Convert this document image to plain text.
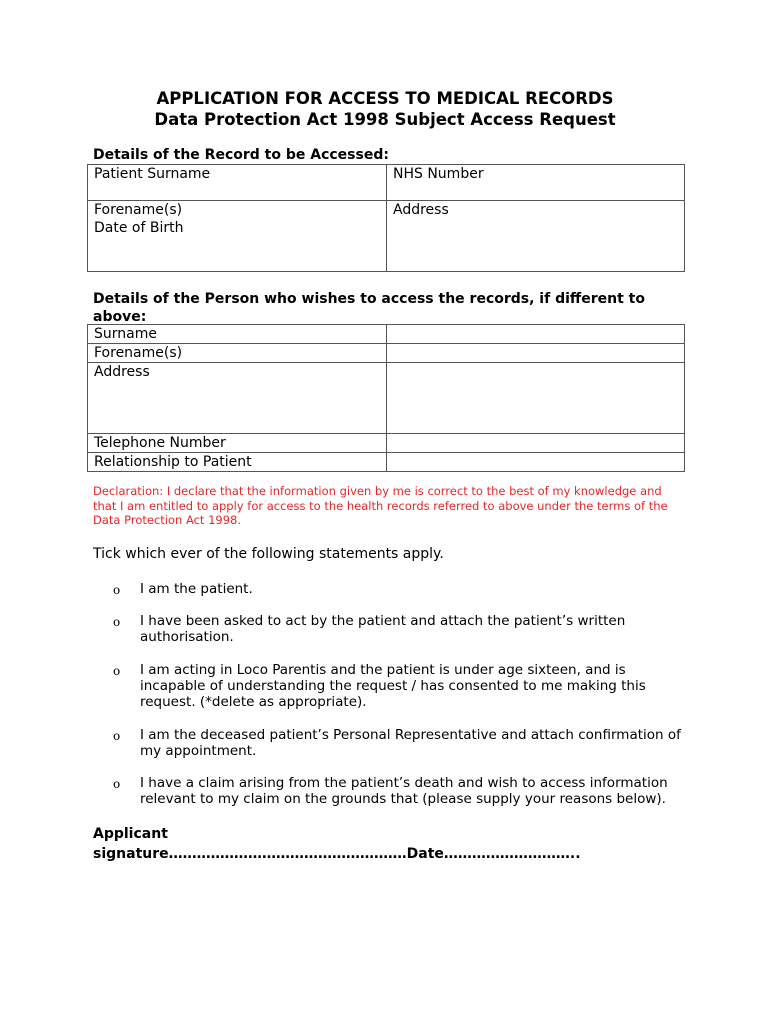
APPLICATION FOR ACCESS TO MEDICAL RECORDS
Data Protection Act 1998 Subject Access Request
Details of the Record to be Accessed:
Patient Surname	NHS Number

Forename(s)
Date of Birth	Address
Details of the Person who wishes to access the records, if different to above:
Surname	
Forename(s)	
Address	
Telephone Number	
Relationship to Patient	
Declaration: I declare that the information given by me is correct to the best of my knowledge and that I am entitled to apply for access to the health records referred to above under the terms of the Data Protection Act 1998.
Tick which ever of the following statements apply.
o I am the patient.
o I have been asked to act by the patient and attach the patient’s written authorisation.
o I am acting in Loco Parentis and the patient is under age sixteen, and is incapable of understanding the request / has consented to me making this request. (*delete as appropriate).
o I am the deceased patient’s Personal Representative and attach confirmation of my appointment.
o I have a claim arising from the patient’s death and wish to access information relevant to my claim on the grounds that (please supply your reasons below).
Applicant
signature……………………………………………Date………………………..
